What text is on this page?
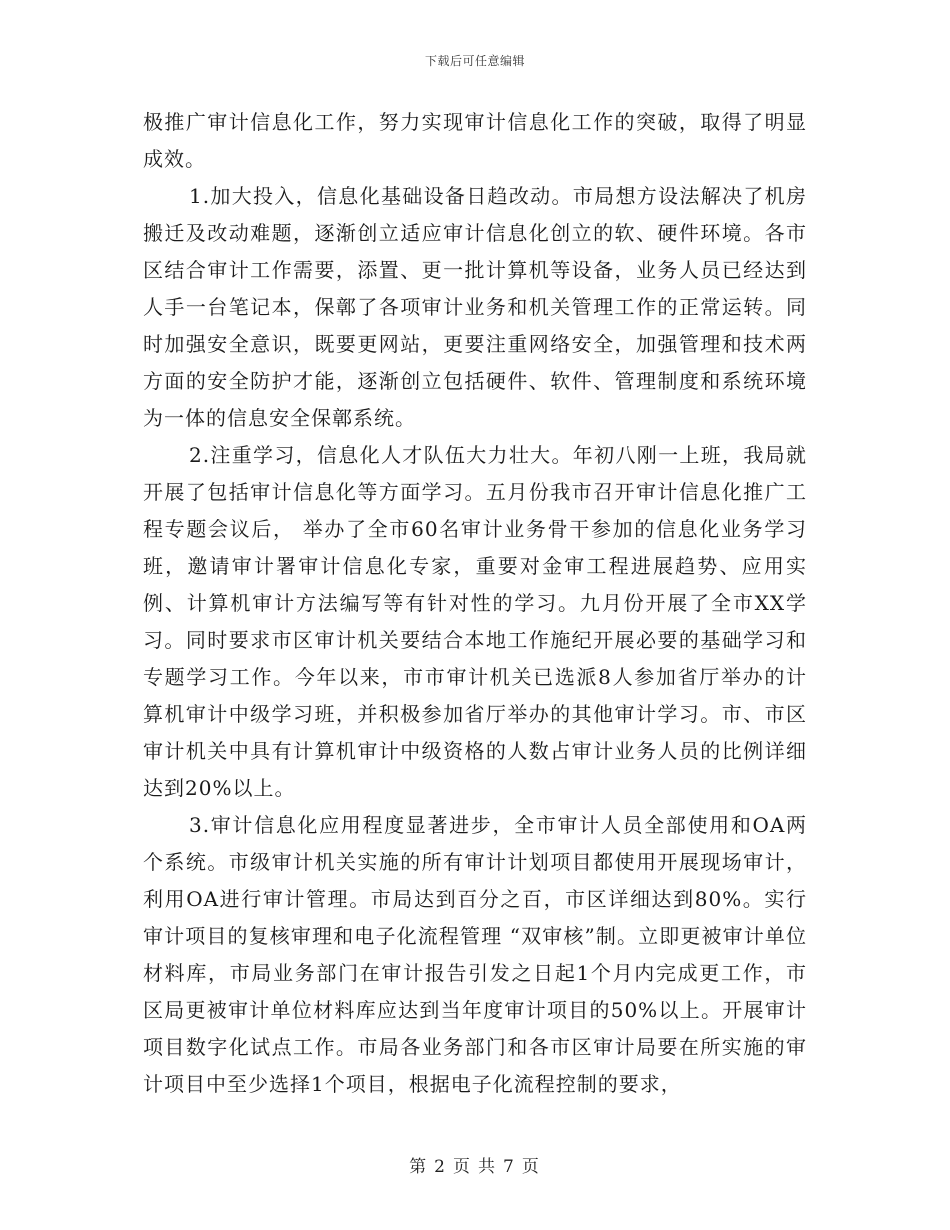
下载后可任意编辑

极推广审计信息化工作，努力实现审计信息化工作的突破，取得了明显成效。

1.加大投入，信息化基础设备日趋改动。市局想方设法解决了机房搬迁及改动难题，逐渐创立适应审计信息化创立的软、硬件环境。各市区结合审计工作需要，添置、更一批计算机等设备，业务人员已经达到人手一台笔记本，保鄣了各项审计业务和机关管理工作的正常运转。同时加强安全意识，既要更网站，更要注重网络安全，加强管理和技术两方面的安全防护才能，逐渐创立包括硬件、软件、管理制度和系统环境为一体的信息安全保鄣系统。

2.注重学习，信息化人才队伍大力壮大。年初八刚一上班，我局就开展了包括审计信息化等方面学习。五月份我市召开审计信息化推广工程专题会议后， 举办了全市60名审计业务骨干参加的信息化业务学习班，邀请审计署审计信息化专家，重要对金审工程进展趋势、应用实例、计算机审计方法编写等有针对性的学习。九月份开展了全市XX学习。同时要求市区审计机关要结合本地工作施纪开展必要的基础学习和专题学习工作。今年以来，市市审计机关已选派8人参加省厅举办的计算机审计中级学习班，并积极参加省厅举办的其他审计学习。市、市区审计机关中具有计算机审计中级资格的人数占审计业务人员的比例详细达到20%以上。

3.审计信息化应用程度显著进步，全市审计人员全部使用和OA两个系统。市级审计机关实施的所有审计计划项目都使用开展现场审计，利用OA进行审计管理。市局达到百分之百，市区详细达到80%。实行审计项目的复核审理和电子化流程管理 “双审核”制。立即更被审计单位材料库，市局业务部门在审计报告引发之日起1个月内完成更工作，市区局更被审计单位材料库应达到当年度审计项目的50%以上。开展审计项目数字化试点工作。市局各业务部门和各市区审计局要在所实施的审计项目中至少选择1个项目，根据电子化流程控制的要求，

第 2 页 共 7 页
